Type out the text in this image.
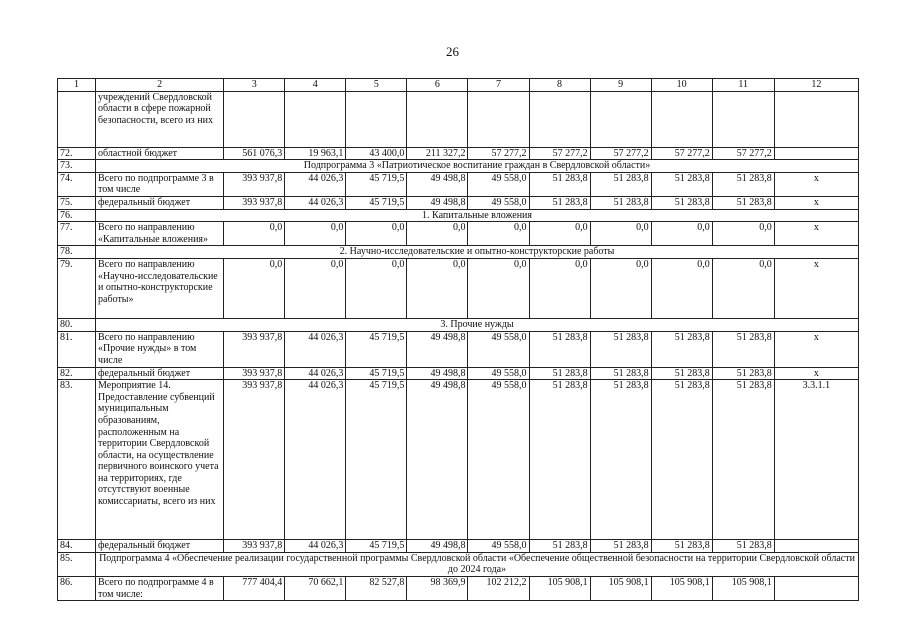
26
1	2	3	4	5	6	7	8	9	10	11	12
	учреждений Свердловской области в сфере пожарной безопасности, всего из них										
72.	областной бюджет	561 076,3	19 963,1	43 400,0	211 327,2	57 277,2	57 277,2	57 277,2	57 277,2	57 277,2	
73.	Подпрограмма 3 «Патриотическое воспитание граждан в Свердловской области»										
74.	Всего по подпрограмме 3 в том числе	393 937,8	44 026,3	45 719,5	49 498,8	49 558,0	51 283,8	51 283,8	51 283,8	51 283,8	x
75.	федеральный бюджет	393 937,8	44 026,3	45 719,5	49 498,8	49 558,0	51 283,8	51 283,8	51 283,8	51 283,8	x
76.	1. Капитальные вложения										
77.	Всего по направлению «Капитальные вложения»	0,0	0,0	0,0	0,0	0,0	0,0	0,0	0,0	0,0	x
78.	2. Научно-исследовательские и опытно-конструкторские работы										
79.	Всего по направлению «Научно-исследовательские и опытно-конструкторские работы»	0,0	0,0	0,0	0,0	0,0	0,0	0,0	0,0	0,0	x
80.	3. Прочие нужды										
81.	Всего по направлению «Прочие нужды» в том числе	393 937,8	44 026,3	45 719,5	49 498,8	49 558,0	51 283,8	51 283,8	51 283,8	51 283,8	x
82.	федеральный бюджет	393 937,8	44 026,3	45 719,5	49 498,8	49 558,0	51 283,8	51 283,8	51 283,8	51 283,8	x
83.	Мероприятие 14. Предоставление субвенций муниципальным образованиям, расположенным на территории Свердловской области, на осуществление первичного воинского учета на территориях, где отсутствуют военные комиссариаты, всего из них	393 937,8	44 026,3	45 719,5	49 498,8	49 558,0	51 283,8	51 283,8	51 283,8	51 283,8	3.3.1.1
84.	федеральный бюджет	393 937,8	44 026,3	45 719,5	49 498,8	49 558,0	51 283,8	51 283,8	51 283,8	51 283,8	
85.	Подпрограмма 4 «Обеспечение реализации государственной программы Свердловской области «Обеспечение общественной безопасности на территории Свердловской области до 2024 года»										
86.	Всего по подпрограмме 4 в том числе:	777 404,4	70 662,1	82 527,8	98 369,9	102 212,2	105 908,1	105 908,1	105 908,1	105 908,1	
